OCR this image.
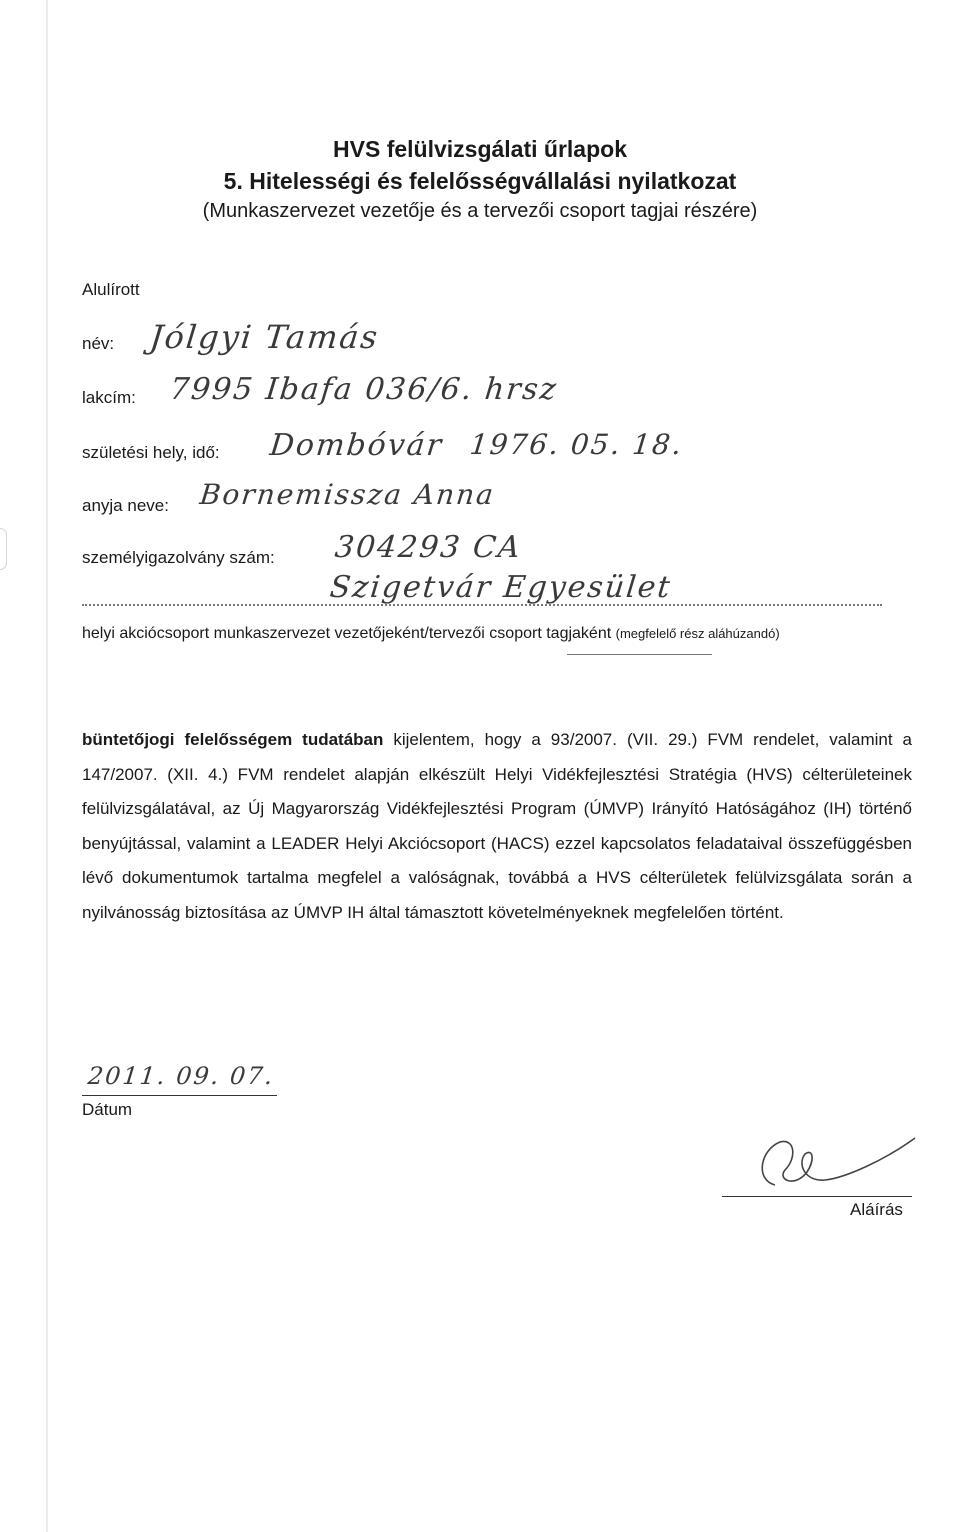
HVS felülvizsgálati űrlapok
5. Hitelességi és felelősségvállalási nyilatkozat
(Munkaszervezet vezetője és a tervezői csoport tagjai részére)
Alulírott
név: Jólgyi Tamás
lakcím: 7995 Ibafa 036/6. hrsz
születési hely, idő: Dombóvár 1976. 05. 18.
anyja neve: Bornemissza Anna
személyigazolvány szám: 304293 CA
Szigetvár Egyesület
helyi akciócsoport munkaszervezet vezetőjeként/tervezői csoport tagjaként (megfelelő rész aláhúzandó)
büntetőjogi felelősségem tudatában kijelentem, hogy a 93/2007. (VII. 29.) FVM rendelet, valamint a 147/2007. (XII. 4.) FVM rendelet alapján elkészült Helyi Vidékfejlesztési Stratégia (HVS) célterületeinek felülvizsgálatával, az Új Magyarország Vidékfejlesztési Program (ÚMVP) Irányító Hatóságához (IH) történő benyújtással, valamint a LEADER Helyi Akciócsoport (HACS) ezzel kapcsolatos feladataival összefüggésben lévő dokumentumok tartalma megfelel a valóságnak, továbbá a HVS célterületek felülvizsgálata során a nyilvánosság biztosítása az ÚMVP IH által támasztott követelményeknek megfelelően történt.
2011. 09. 07.
Dátum
Aláírás
